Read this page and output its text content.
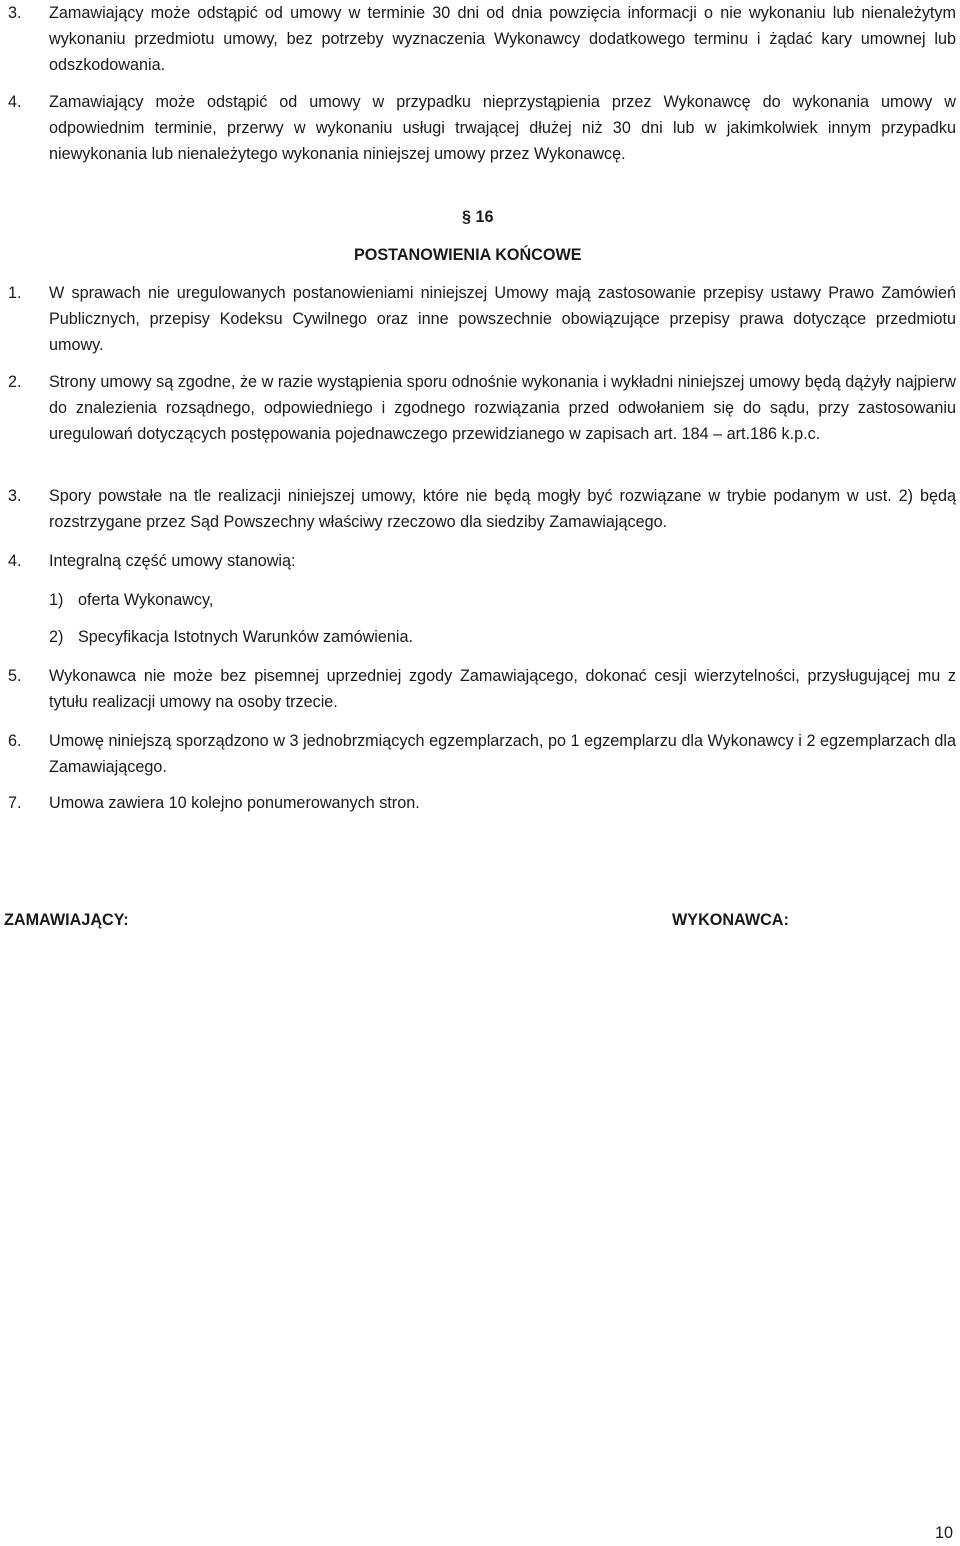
3.	Zamawiający może odstąpić od umowy w terminie 30 dni od dnia powzięcia informacji o nie wykonaniu lub nienależytym wykonaniu przedmiotu umowy, bez potrzeby wyznaczenia Wykonawcy dodatkowego terminu i żądać kary umownej lub odszkodowania.
4.	Zamawiający może odstąpić od umowy w przypadku nieprzystąpienia przez Wykonawcę do wykonania umowy w odpowiednim terminie, przerwy w wykonaniu usługi trwającej dłużej niż 30 dni lub w jakimkolwiek innym przypadku niewykonania lub nienależytego wykonania niniejszej umowy przez Wykonawcę.
§ 16
POSTANOWIENIA KOŃCOWE
1.	W sprawach nie uregulowanych postanowieniami niniejszej Umowy mają zastosowanie przepisy ustawy Prawo Zamówień Publicznych, przepisy Kodeksu Cywilnego oraz inne powszechnie obowiązujące przepisy prawa dotyczące przedmiotu umowy.
2.	Strony umowy są zgodne, że w razie wystąpienia sporu odnośnie wykonania i wykładni niniejszej umowy będą dążyły najpierw do znalezienia rozsądnego, odpowiedniego i zgodnego rozwiązania przed odwołaniem się do sądu, przy zastosowaniu uregulowań dotyczących postępowania pojednawczego przewidzianego w zapisach art. 184 – art.186 k.p.c.
3.	Spory powstałe na tle realizacji niniejszej umowy, które nie będą mogły być rozwiązane w trybie podanym w ust. 2) będą rozstrzygane przez Sąd Powszechny właściwy rzeczowo dla siedziby Zamawiającego.
4.	Integralną część umowy stanowią:
1) oferta Wykonawcy,
2) Specyfikacja Istotnych Warunków zamówienia.
5.	Wykonawca nie może bez pisemnej uprzedniej zgody Zamawiającego, dokonać cesji wierzytelności, przysługującej mu z tytułu realizacji umowy na osoby trzecie.
6.	Umowę niniejszą sporządzono w 3 jednobrzmiących egzemplarzach, po 1 egzemplarzu dla Wykonawcy i 2 egzemplarzach dla Zamawiającego.
7.	Umowa zawiera 10 kolejno ponumerowanych stron.
ZAMAWIAJĄCY:	WYKONAWCA:
10
